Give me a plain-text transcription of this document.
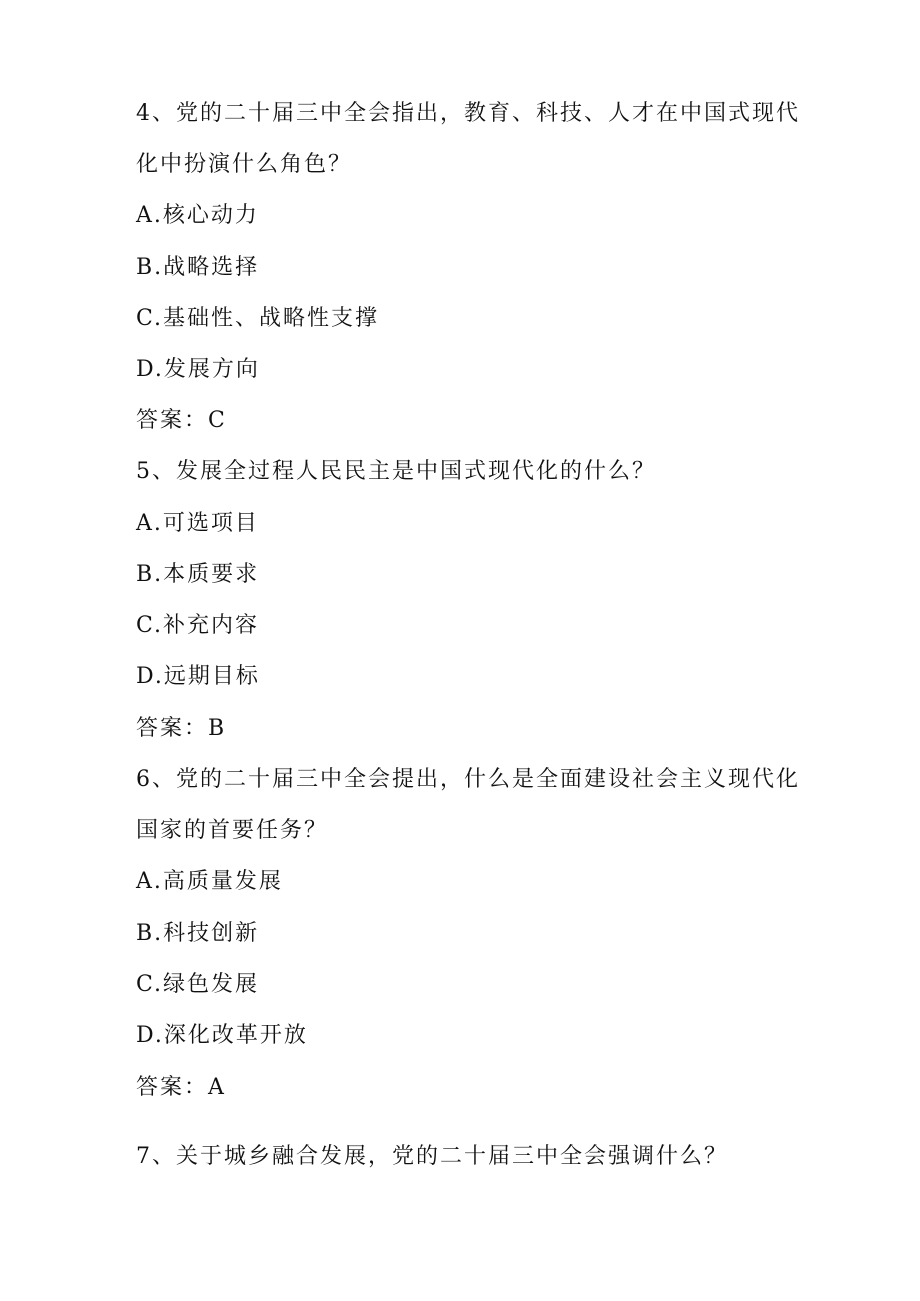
4、党的二十届三中全会指出，教育、科技、人才在中国式现代

化中扮演什么角色？

A.核心动力

B.战略选择

C.基础性、战略性支撑

D.发展方向

答案：C

5、发展全过程人民民主是中国式现代化的什么？

A.可选项目

B.本质要求

C.补充内容

D.远期目标

答案：B

6、党的二十届三中全会提出，什么是全面建设社会主义现代化

国家的首要任务？

A.高质量发展

B.科技创新

C.绿色发展

D.深化改革开放

答案：A

7、关于城乡融合发展，党的二十届三中全会强调什么？
